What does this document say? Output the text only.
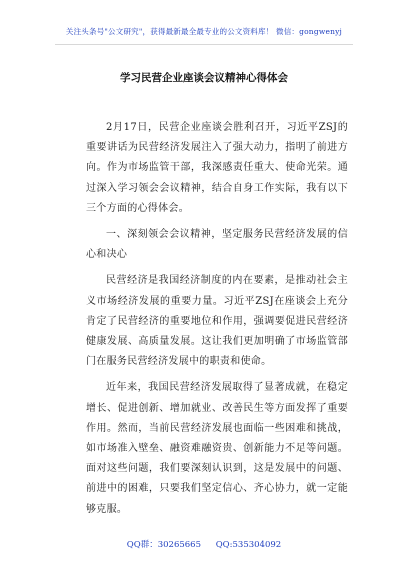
关注头条号"公文研究"，获得最新最全最专业的公文资料库！ 微信：gongwenyj
学习民营企业座谈会议精神心得体会

2月17日，民营企业座谈会胜利召开，习近平ZSJ的重要讲话为民营经济发展注入了强大动力，指明了前进方向。作为市场监管干部，我深感责任重大、使命光荣。通过深入学习领会会议精神，结合自身工作实际，我有以下三个方面的心得体会。

一、深刻领会会议精神，坚定服务民营经济发展的信心和决心

民营经济是我国经济制度的内在要素，是推动社会主义市场经济发展的重要力量。习近平ZSJ在座谈会上充分肯定了民营经济的重要地位和作用，强调要促进民营经济健康发展、高质量发展。这让我们更加明确了市场监管部门在服务民营经济发展中的职责和使命。

近年来，我国民营经济发展取得了显著成就，在稳定增长、促进创新、增加就业、改善民生等方面发挥了重要作用。然而，当前民营经济发展也面临一些困难和挑战，如市场准入壁垒、融资难融资贵、创新能力不足等问题。面对这些问题，我们要深刻认识到，这是发展中的问题、前进中的困难，只要我们坚定信心、齐心协力，就一定能够克服。

QQ群：30265665 QQ:535304092
